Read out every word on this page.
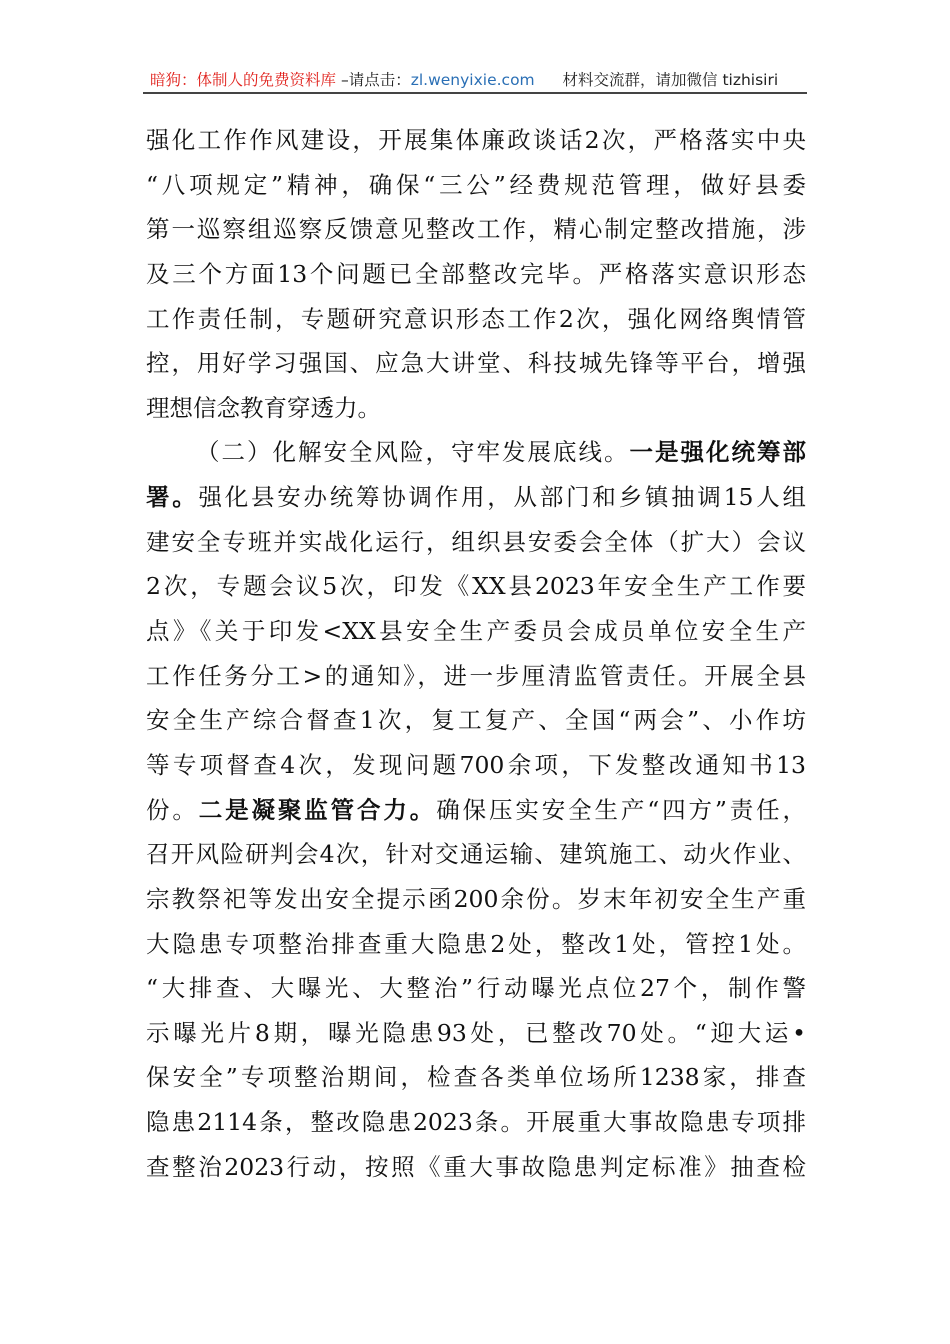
暗狗：体制人的免费资料库 –请点击：zl.wenyixie.com 材料交流群，请加微信 tizhisiri
强化工作作风建设，开展集体廉政谈话2次，严格落实中央
“八项规定”精神，确保“三公”经费规范管理，做好县委
第一巡察组巡察反馈意见整改工作，精心制定整改措施，涉
及三个方面13个问题已全部整改完毕。严格落实意识形态
工作责任制，专题研究意识形态工作2次，强化网络舆情管
控，用好学习强国、应急大讲堂、科技城先锋等平台，增强
理想信念教育穿透力。
（二）化解安全风险，守牢发展底线。一是强化统筹部
署。强化县安办统筹协调作用，从部门和乡镇抽调15人组
建安全专班并实战化运行，组织县安委会全体（扩大）会议
2次，专题会议5次，印发《XX县2023年安全生产工作要
点》《关于印发<XX县安全生产委员会成员单位安全生产
工作任务分工>的通知》，进一步厘清监管责任。开展全县
安全生产综合督查1次，复工复产、全国“两会”、小作坊
等专项督查4次，发现问题700余项，下发整改通知书13
份。二是凝聚监管合力。确保压实安全生产“四方”责任，
召开风险研判会4次，针对交通运输、建筑施工、动火作业、
宗教祭祀等发出安全提示函200余份。岁末年初安全生产重
大隐患专项整治排查重大隐患2处，整改1处，管控1处。
“大排查、大曝光、大整治”行动曝光点位27个，制作警
示曝光片8期，曝光隐患93处，已整改70处。“迎大运•
保安全”专项整治期间，检查各类单位场所1238家，排查
隐患2114条，整改隐患2023条。开展重大事故隐患专项排
查整治2023行动，按照《重大事故隐患判定标准》抽查检
